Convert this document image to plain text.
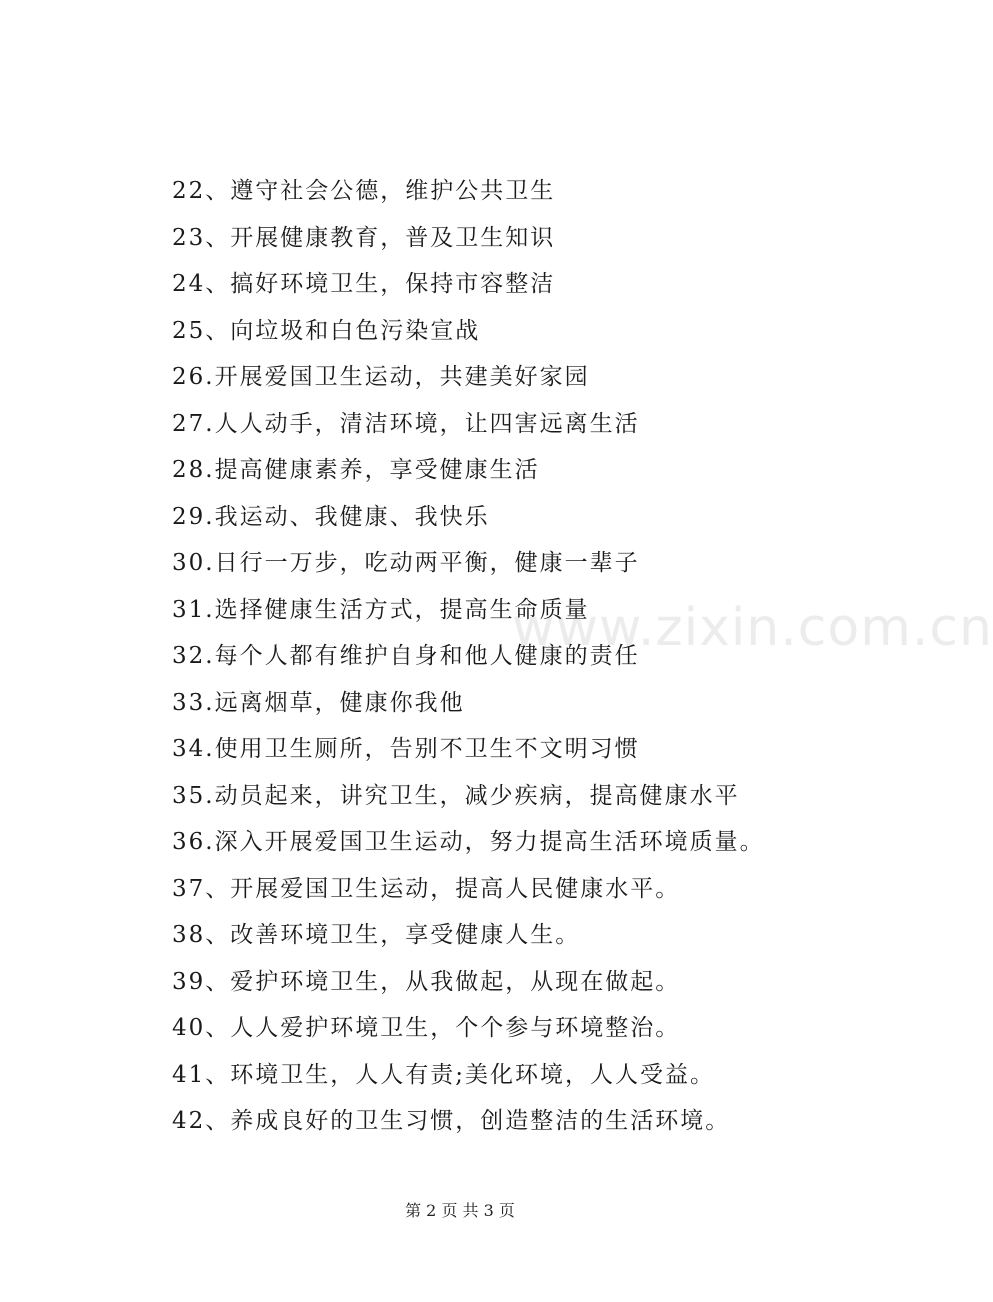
www.zixin.com.cn
22、遵守社会公德，维护公共卫生
23、开展健康教育，普及卫生知识
24、搞好环境卫生，保持市容整洁
25、向垃圾和白色污染宣战
26.开展爱国卫生运动，共建美好家园
27.人人动手，清洁环境，让四害远离生活
28.提高健康素养，享受健康生活
29.我运动、我健康、我快乐
30.日行一万步，吃动两平衡，健康一辈子
31.选择健康生活方式，提高生命质量
32.每个人都有维护自身和他人健康的责任
33.远离烟草，健康你我他
34.使用卫生厕所，告别不卫生不文明习惯
35.动员起来，讲究卫生，减少疾病，提高健康水平
36.深入开展爱国卫生运动，努力提高生活环境质量。
37、开展爱国卫生运动，提高人民健康水平。
38、改善环境卫生，享受健康人生。
39、爱护环境卫生，从我做起，从现在做起。
40、人人爱护环境卫生，个个参与环境整治。
41、环境卫生，人人有责;美化环境，人人受益。
42、养成良好的卫生习惯，创造整洁的生活环境。
第 2 页 共 3 页
